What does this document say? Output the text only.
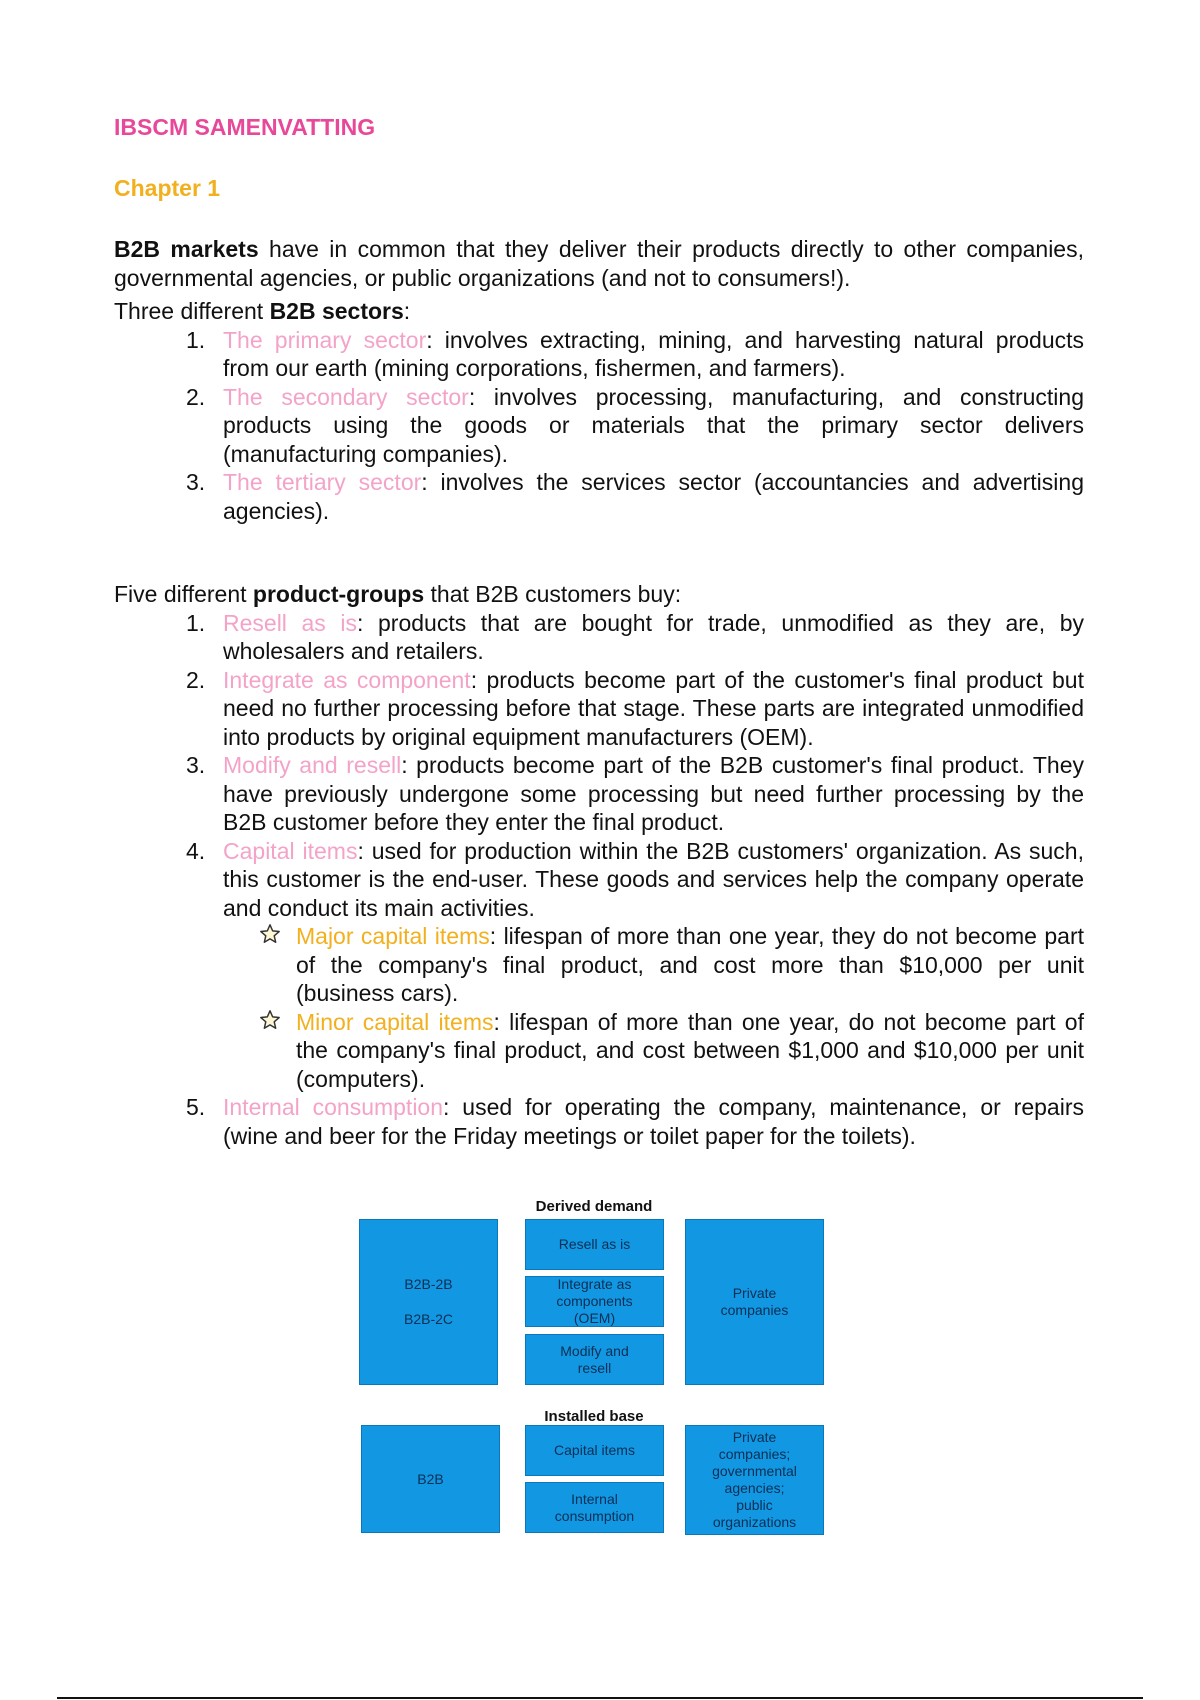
IBSCM SAMENVATTING
Chapter 1

B2B markets have in common that they deliver their products directly to other companies, governmental agencies, or public organizations (and not to consumers!).

Three different B2B sectors:

1. The primary sector: involves extracting, mining, and harvesting natural products from our earth (mining corporations, fishermen, and farmers).
2. The secondary sector: involves processing, manufacturing, and constructing products using the goods or materials that the primary sector delivers (manufacturing companies).
3. The tertiary sector: involves the services sector (accountancies and advertising agencies).

Five different product-groups that B2B customers buy:

1. Resell as is: products that are bought for trade, unmodified as they are, by wholesalers and retailers.
2. Integrate as component: products become part of the customer's final product but need no further processing before that stage. These parts are integrated unmodified into products by original equipment manufacturers (OEM).
3. Modify and resell: products become part of the B2B customer's final product. They have previously undergone some processing but need further processing by the B2B customer before they enter the final product.
4. Capital items: used for production within the B2B customers' organization. As such, this customer is the end-user. These goods and services help the company operate and conduct its main activities.
Major capital items: lifespan of more than one year, they do not become part of the company's final product, and cost more than $10,000 per unit (business cars).
Minor capital items: lifespan of more than one year, do not become part of the company's final product, and cost between $1,000 and $10,000 per unit (computers).
5. Internal consumption: used for operating the company, maintenance, or repairs (wine and beer for the Friday meetings or toilet paper for the toilets).

Derived demand

Installed base

B2B-2B
B2B-2C
Resell as is
Integrate as
components
(OEM)
Modify and
resell
Private
companies
B2B
Capital items
Internal
consumption
Private
companies;
governmental
agencies;
public
organizations
